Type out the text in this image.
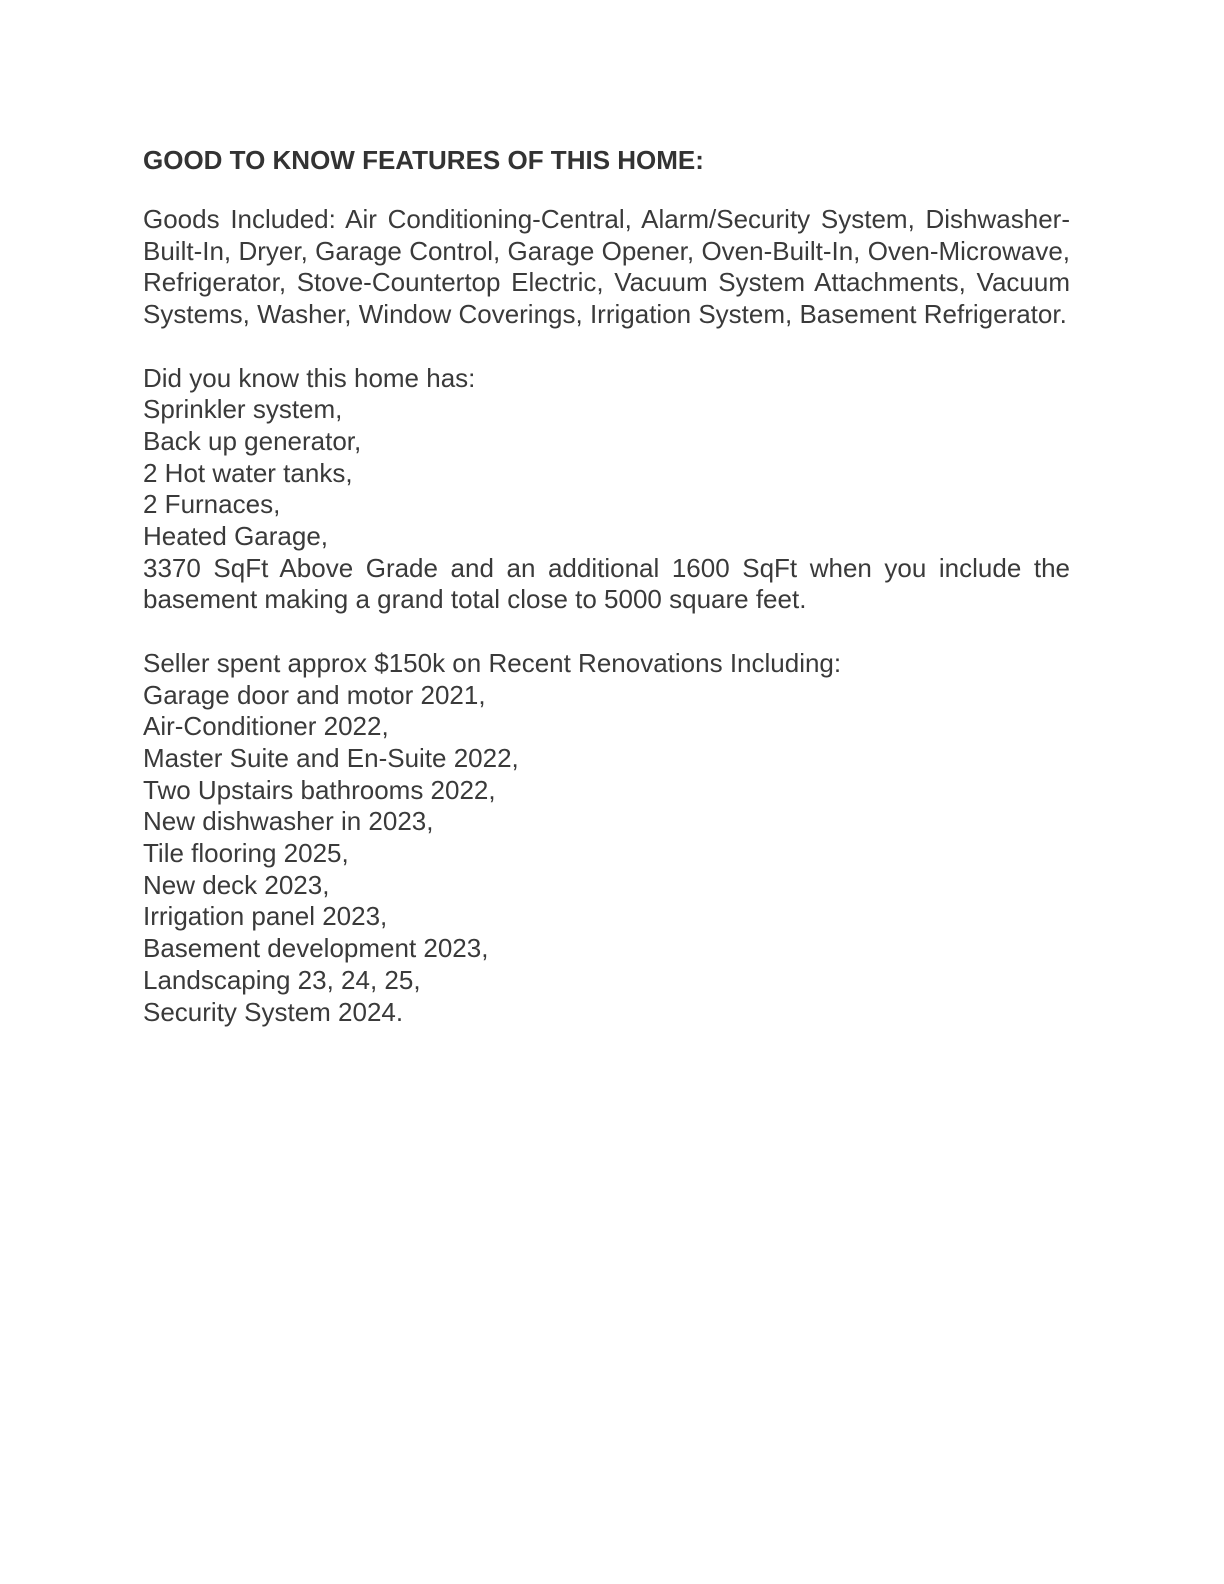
GOOD TO KNOW FEATURES OF THIS HOME:

Goods Included: Air Conditioning-Central, Alarm/Security System, Dishwasher-Built-In, Dryer, Garage Control, Garage Opener, Oven-Built-In, Oven-Microwave, Refrigerator, Stove-Countertop Electric, Vacuum System Attachments, Vacuum Systems, Washer, Window Coverings, Irrigation System, Basement Refrigerator.

Did you know this home has:
Sprinkler system,
Back up generator,
2 Hot water tanks,
2 Furnaces,
Heated Garage,

3370 SqFt Above Grade and an additional 1600 SqFt when you include the basement making a grand total close to 5000 square feet.

Seller spent approx $150k on Recent Renovations Including:
Garage door and motor 2021,
Air-Conditioner 2022,
Master Suite and En-Suite 2022,
Two Upstairs bathrooms 2022,
New dishwasher in 2023,
Tile flooring 2025,
New deck 2023,
Irrigation panel 2023,
Basement development 2023,
Landscaping 23, 24, 25,
Security System 2024.
